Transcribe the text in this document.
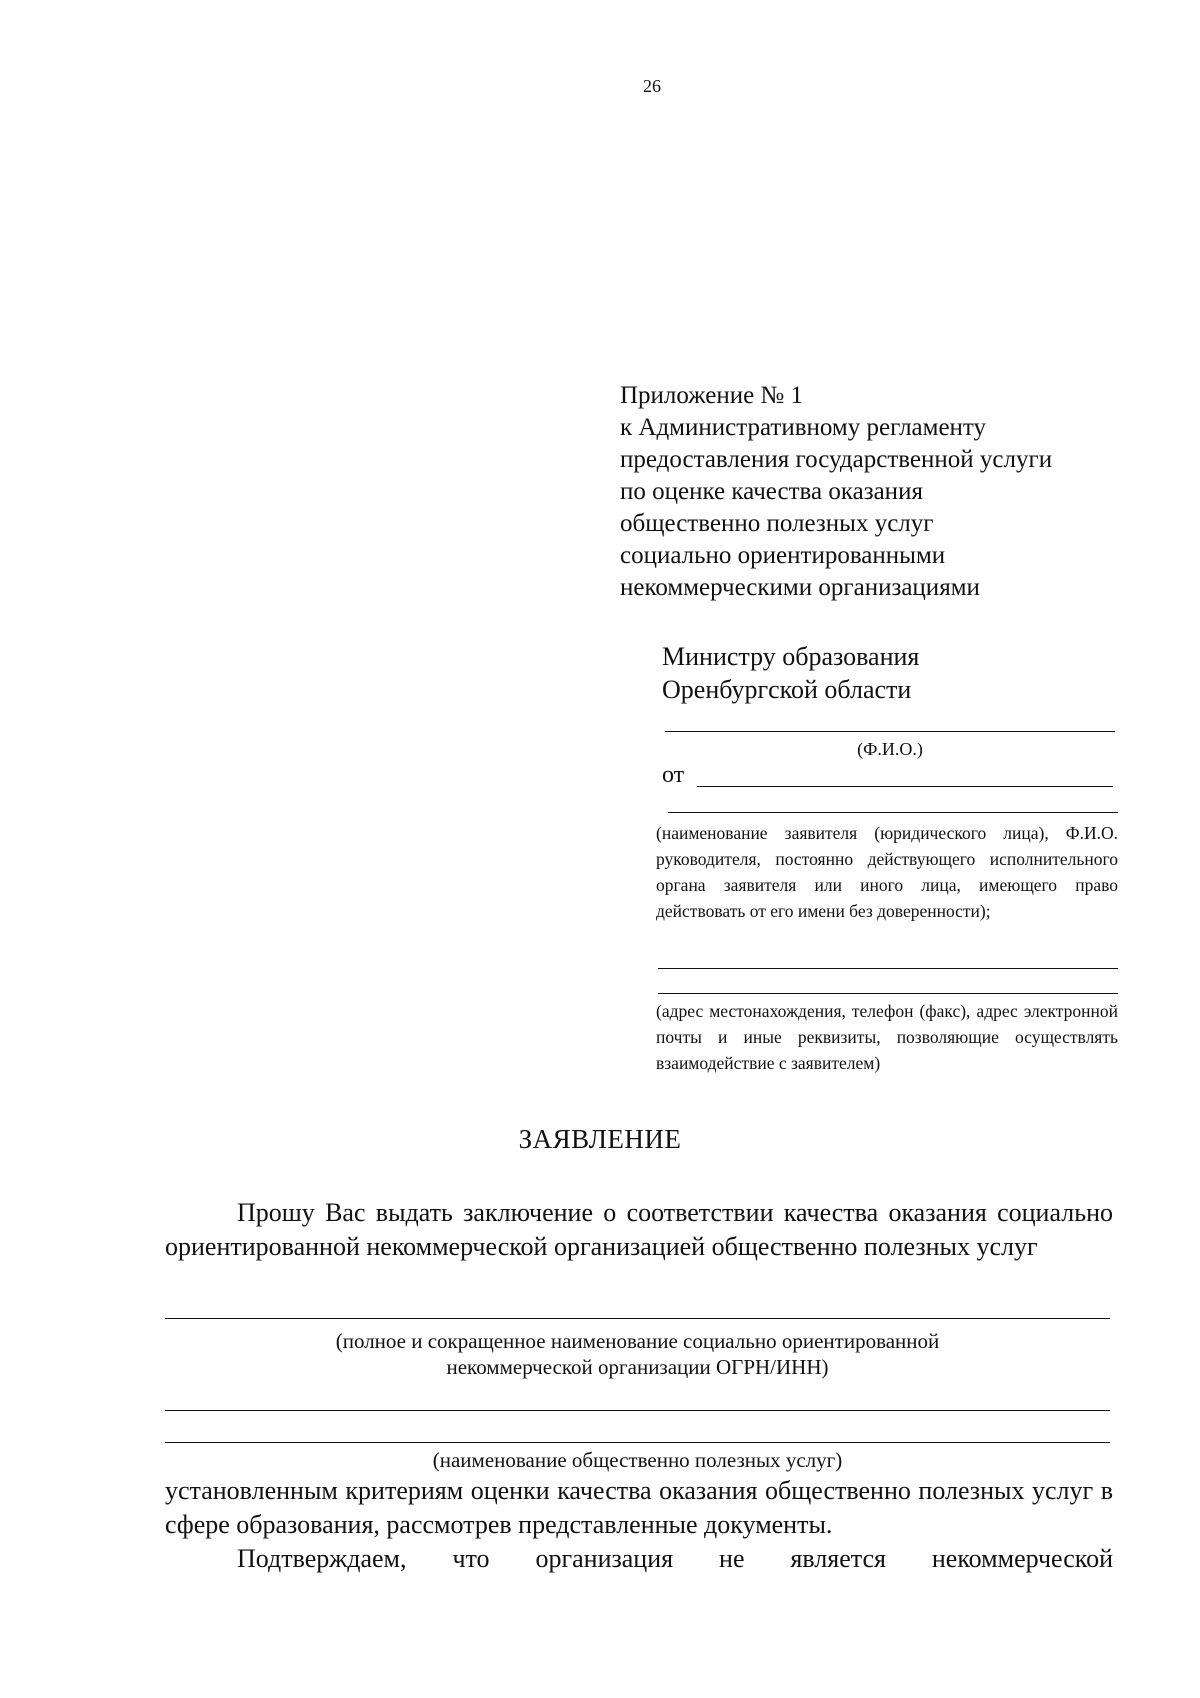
26
Приложение № 1
к Административному регламенту
предоставления государственной услуги
по оценке качества оказания
общественно полезных услуг
социально ориентированными
некоммерческими организациями
Министру образования
Оренбургской области
(Ф.И.О.)
от
(наименование заявителя (юридического лица), Ф.И.О. руководителя, постоянно действующего исполнительного органа заявителя или иного лица, имеющего право действовать от его имени без доверенности);
(адрес местонахождения, телефон (факс), адрес электронной почты и иные реквизиты, позволяющие осуществлять взаимодействие с заявителем)
ЗАЯВЛЕНИЕ
Прошу Вас выдать заключение о соответствии качества оказания социально ориентированной некоммерческой организацией общественно полезных услуг
(полное и сокращенное наименование социально ориентированной
некоммерческой организации ОГРН/ИНН)
(наименование общественно полезных услуг)
установленным критериям оценки качества оказания общественно полезных услуг в сфере образования, рассмотрев представленные документы.
Подтверждаем, что организация не является некоммерческой
